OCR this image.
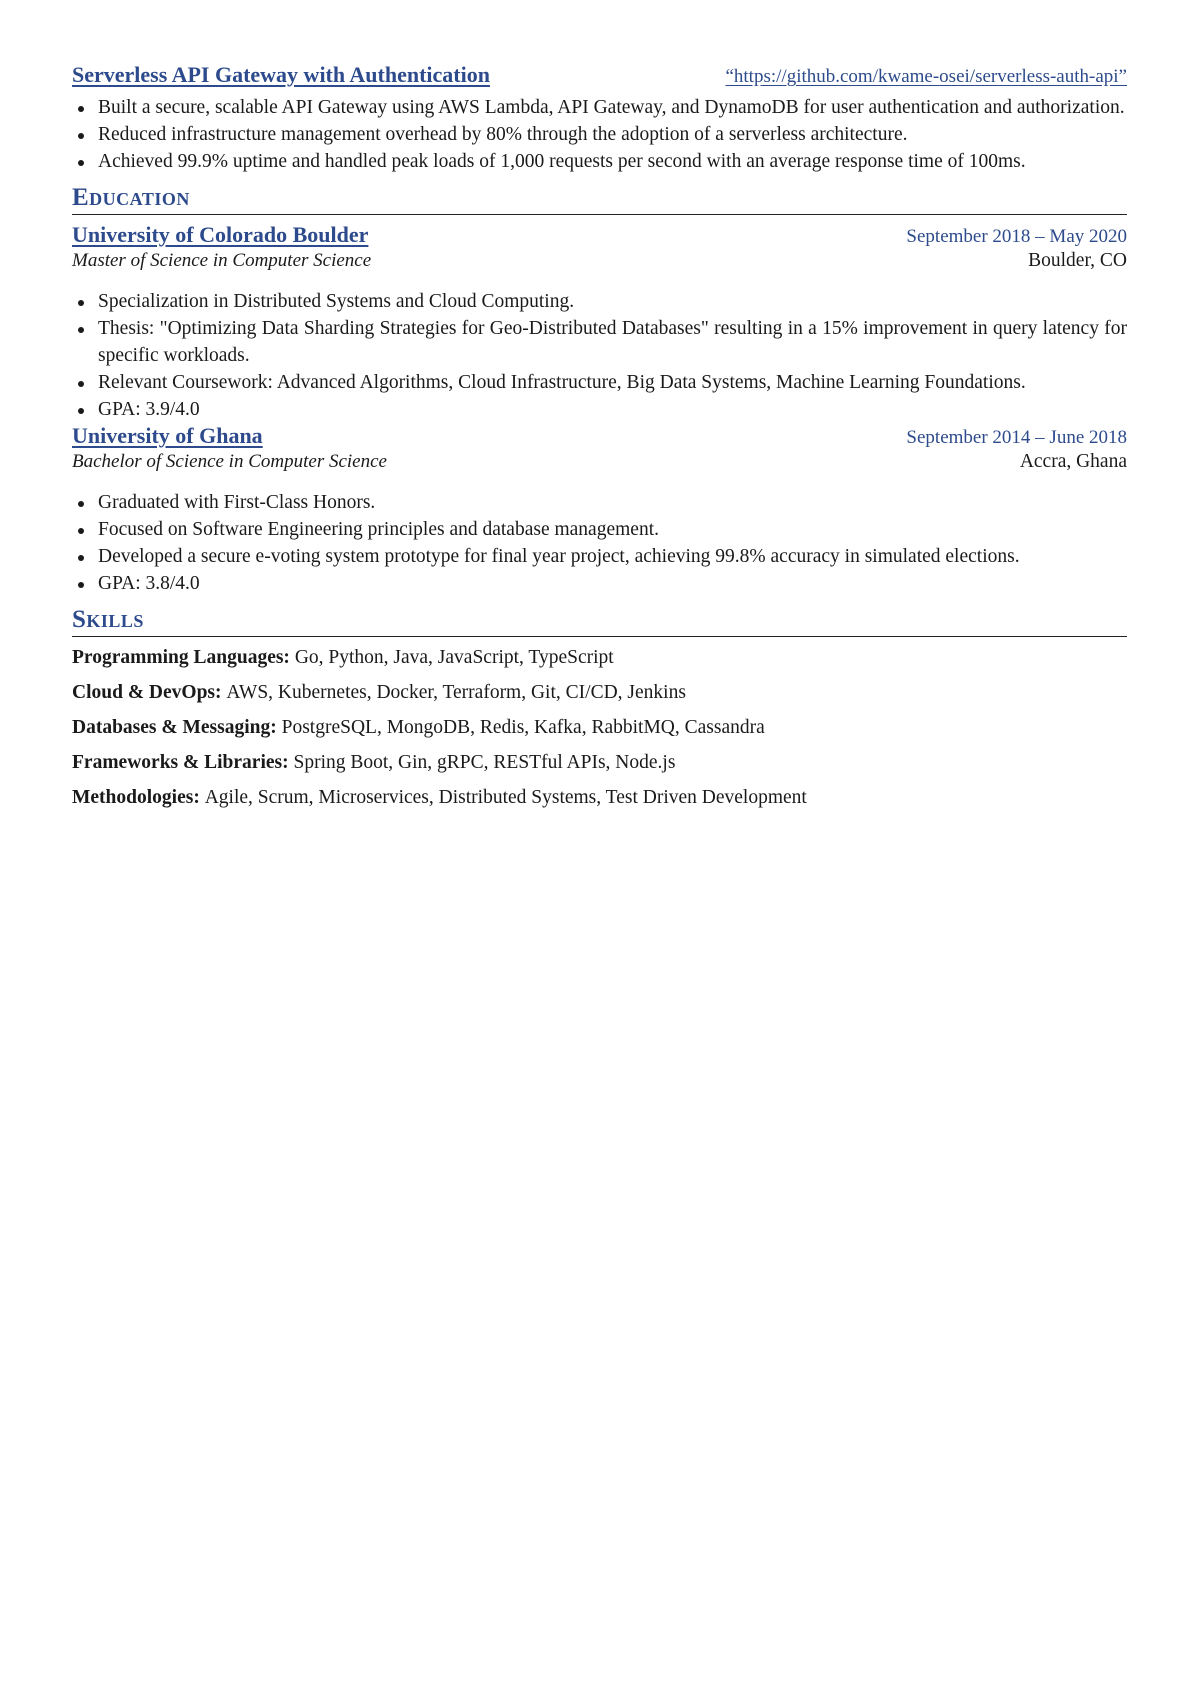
Serverless API Gateway with Authentication	“https://github.com/kwame-osei/serverless-auth-api”
Built a secure, scalable API Gateway using AWS Lambda, API Gateway, and DynamoDB for user authentication and authorization.
Reduced infrastructure management overhead by 80% through the adoption of a serverless architecture.
Achieved 99.9% uptime and handled peak loads of 1,000 requests per second with an average response time of 100ms.
Education
University of Colorado Boulder	September 2018 – May 2020
Master of Science in Computer Science	Boulder, CO
Specialization in Distributed Systems and Cloud Computing.
Thesis: "Optimizing Data Sharding Strategies for Geo-Distributed Databases" resulting in a 15% improvement in query latency for specific workloads.
Relevant Coursework: Advanced Algorithms, Cloud Infrastructure, Big Data Systems, Machine Learning Foundations.
GPA: 3.9/4.0
University of Ghana	September 2014 – June 2018
Bachelor of Science in Computer Science	Accra, Ghana
Graduated with First-Class Honors.
Focused on Software Engineering principles and database management.
Developed a secure e-voting system prototype for final year project, achieving 99.8% accuracy in simulated elections.
GPA: 3.8/4.0
Skills
Programming Languages: Go, Python, Java, JavaScript, TypeScript
Cloud & DevOps: AWS, Kubernetes, Docker, Terraform, Git, CI/CD, Jenkins
Databases & Messaging: PostgreSQL, MongoDB, Redis, Kafka, RabbitMQ, Cassandra
Frameworks & Libraries: Spring Boot, Gin, gRPC, RESTful APIs, Node.js
Methodologies: Agile, Scrum, Microservices, Distributed Systems, Test Driven Development
